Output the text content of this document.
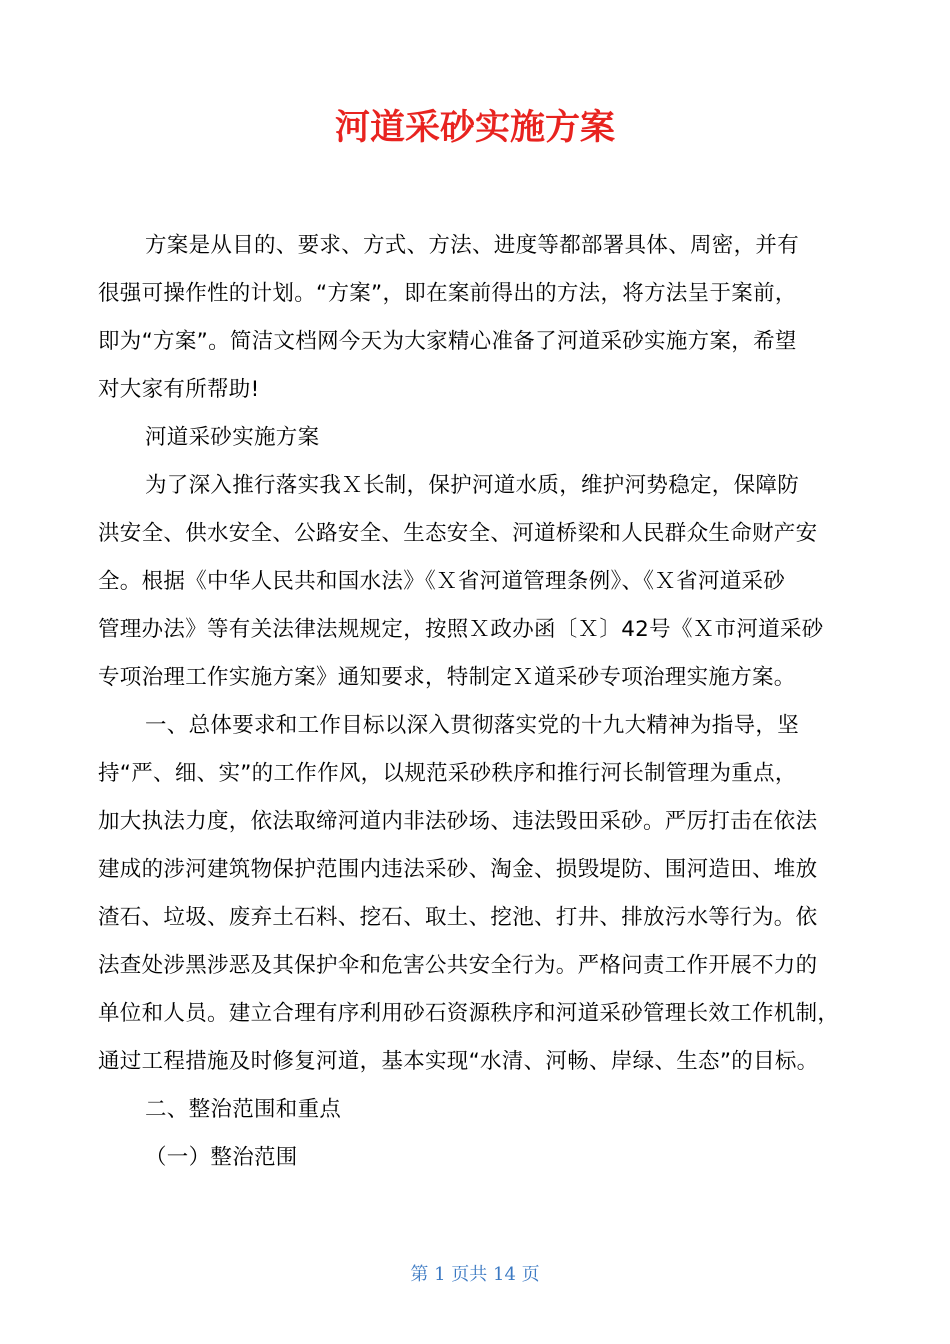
河道采砂实施方案
方案是从目的、要求、方式、方法、进度等都部署具体、周密，并有
很强可操作性的计划。“方案”，即在案前得出的方法，将方法呈于案前，
即为“方案”。简洁文档网今天为大家精心准备了河道采砂实施方案，希望
对大家有所帮助!
河道采砂实施方案
为了深入推行落实我Ｘ长制，保护河道水质，维护河势稳定，保障防
洪安全、供水安全、公路安全、生态安全、河道桥梁和人民群众生命财产安
全。根据《中华人民共和国水法》《Ｘ省河道管理条例》、《Ｘ省河道采砂
管理办法》等有关法律法规规定，按照Ｘ政办函〔Ｘ〕42号《Ｘ市河道采砂
专项治理工作实施方案》通知要求，特制定Ｘ道采砂专项治理实施方案。
一、总体要求和工作目标以深入贯彻落实党的十九大精神为指导，坚
持“严、细、实”的工作作风，以规范采砂秩序和推行河长制管理为重点，
加大执法力度，依法取缔河道内非法砂场、违法毁田采砂。严厉打击在依法
建成的涉河建筑物保护范围内违法采砂、淘金、损毁堤防、围河造田、堆放
渣石、垃圾、废弃土石料、挖石、取土、挖池、打井、排放污水等行为。依
法查处涉黑涉恶及其保护伞和危害公共安全行为。严格问责工作开展不力的
单位和人员。建立合理有序利用砂石资源秩序和河道采砂管理长效工作机制，
通过工程措施及时修复河道，基本实现“水清、河畅、岸绿、生态”的目标。
二、整治范围和重点
（一）整治范围
第 1 页共 14 页
